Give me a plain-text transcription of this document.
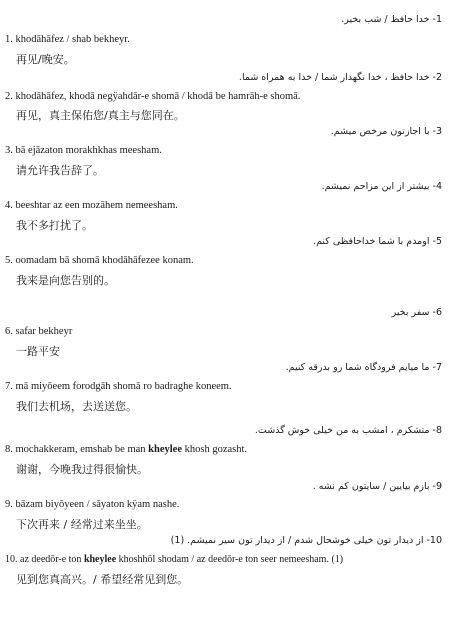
1- خدا حافظ / شب بخیر.
1. khodāhāfez / shab bekheyr.
再见/晚安。
2- خدا حافظ ، خدا نگهدار شما / خدا به همراه شما.
2. khodāhāfez, khodā negÿahdār-e shomā / khodā be hamrāh-e shomā.
再见，真主保佑您/真主与您同在。
3- با اجازتون مرخص میشم.
3. bā ejāzaton morakhkhas meesham.
请允许我告辞了。
4- بیشتر از این مزاحم نمیشم.
4. beeshtar az een mozāhem nemeesham.
我不多打扰了。
5- اومدم با شما خداحافظی کنم.
5. oomadam bā shomā khodāhāfezee konam.
我来是向您告别的。
6- سفر بخیر
6. safar bekheyr
一路平安
7- ما میایم فرودگاه شما رو بدرقه کنیم.
7. mā miyōeem forodgāh shomā ro badraghe koneem.
我们去机场，去送送您。
8- متشکرم ، امشب به من خیلی خوش گذشت.
8. mochakkeram, emshab be man kheylee khosh gozasht.
谢谢，今晚我过得很愉快。
9- بازم بیایین / سایتون کم نشه .
9. bāzam biyōyeen / sāyaton kÿam nashe.
下次再来 / 经常过来坐坐。
10- از دیدار تون خیلی خوشحال شدم / از دیدار تون سیر نمیشم. (1)
10. az deedōr-e ton kheylee khoshhōl shodam / az deedōr-e ton seer nemeesham. (1)
见到您真高兴。/ 希望经常见到您。
